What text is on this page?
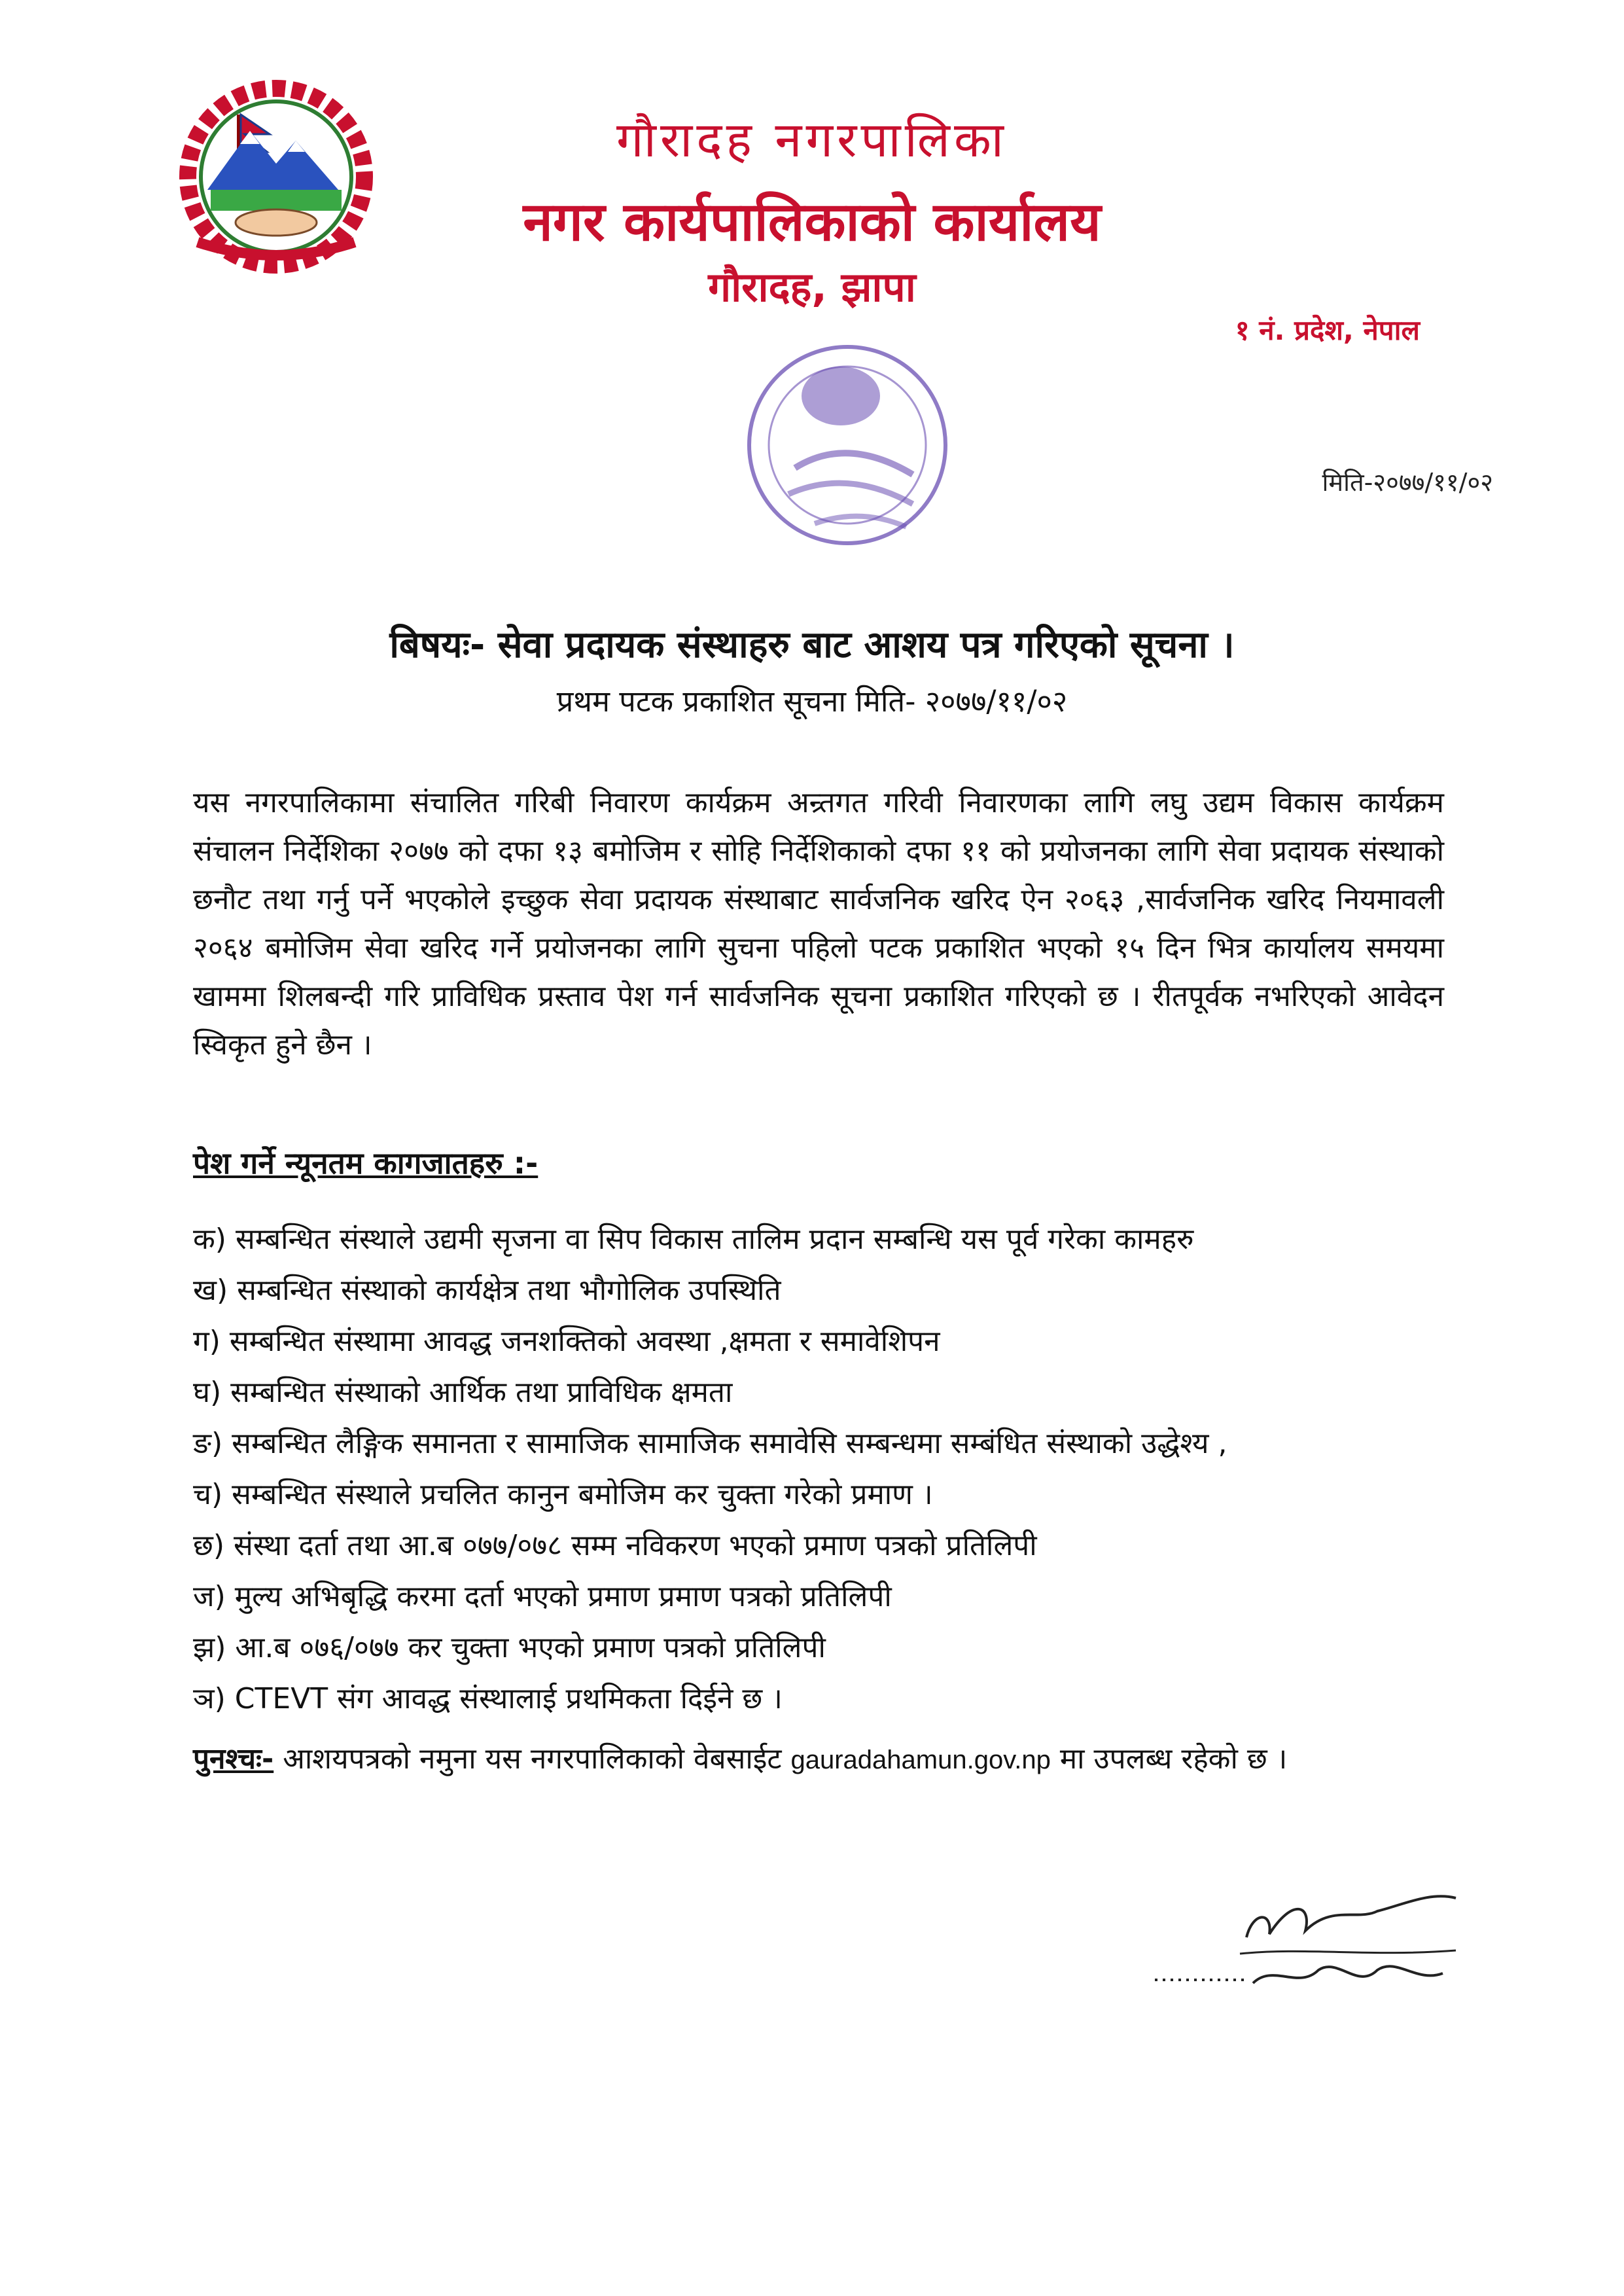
गौरादह नगरपालिका
नगर कार्यपालिकाको कार्यालय
गौरादह, झापा
१ नं. प्रदेश, नेपाल
मिति-२०७७/११/०२
बिषयः- सेवा प्रदायक संस्थाहरु बाट आशय पत्र गरिएको सूचना ।
प्रथम पटक प्रकाशित सूचना मिति- २०७७/११/०२
यस नगरपालिकामा संचालित गरिबी निवारण कार्यक्रम अन्र्तगत गरिवी निवारणका लागि लघु उद्यम विकास कार्यक्रम संचालन निर्देशिका २०७७ को दफा १३ बमोजिम र सोहि निर्देशिकाको दफा ११ को प्रयोजनका लागि सेवा प्रदायक संस्थाको छनौट तथा गर्नु पर्ने भएकोले इच्छुक सेवा प्रदायक संस्थाबाट सार्वजनिक खरिद ऐन २०६३ ,सार्वजनिक खरिद नियमावली २०६४ बमोजिम सेवा खरिद गर्ने प्रयोजनका लागि सुचना पहिलो पटक प्रकाशित भएको १५ दिन भित्र कार्यालय समयमा खाममा शिलबन्दी गरि प्राविधिक प्रस्ताव पेश गर्न सार्वजनिक सूचना प्रकाशित गरिएको छ । रीतपूर्वक नभरिएको आवेदन स्विकृत हुने छैन ।
पेश गर्ने न्यूनतम कागजातहरु :-
क) सम्बन्धित संस्थाले उद्यमी सृजना वा सिप विकास तालिम प्रदान सम्बन्धि यस पूर्व गरेका कामहरु
ख) सम्बन्धित संस्थाको कार्यक्षेत्र तथा भौगोलिक उपस्थिति
ग) सम्बन्धित संस्थामा आवद्ध जनशक्तिको अवस्था ,क्षमता र समावेशिपन
घ) सम्बन्धित संस्थाको आर्थिक तथा प्राविधिक क्षमता
ङ) सम्बन्धित लैङ्गिक समानता र सामाजिक सामाजिक समावेसि सम्बन्धमा सम्बंधित संस्थाको उद्धेश्य ,
च) सम्बन्धित संस्थाले प्रचलित कानुन बमोजिम कर चुक्ता गरेको प्रमाण ।
छ) संस्था दर्ता तथा आ.ब ०७७/०७८ सम्म नविकरण भएको प्रमाण पत्रको प्रतिलिपी
ज) मुल्य अभिबृद्धि करमा दर्ता भएको प्रमाण प्रमाण पत्रको प्रतिलिपी
झ) आ.ब ०७६/०७७ कर चुक्ता भएको प्रमाण पत्रको प्रतिलिपी
ञ) CTEVT संग आवद्ध संस्थालाई प्रथमिकता दिईने छ ।
पुनश्चः- आशयपत्रको नमुना यस नगरपालिकाको वेबसाईट gauradahamun.gov.np मा उपलब्ध रहेको छ ।
